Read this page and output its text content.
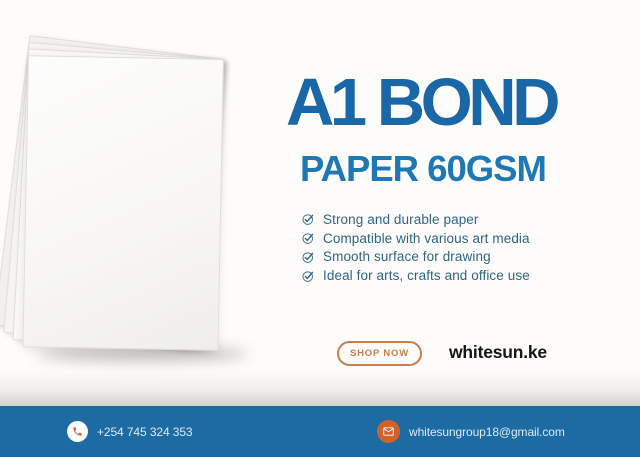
A1 BOND
PAPER 60GSM
Strong and durable paper
Compatible with various art media
Smooth surface for drawing
Ideal for arts, crafts and office use
SHOP NOW	whitesun.ke
+254 745 324 353	whitesungroup18@gmail.com
